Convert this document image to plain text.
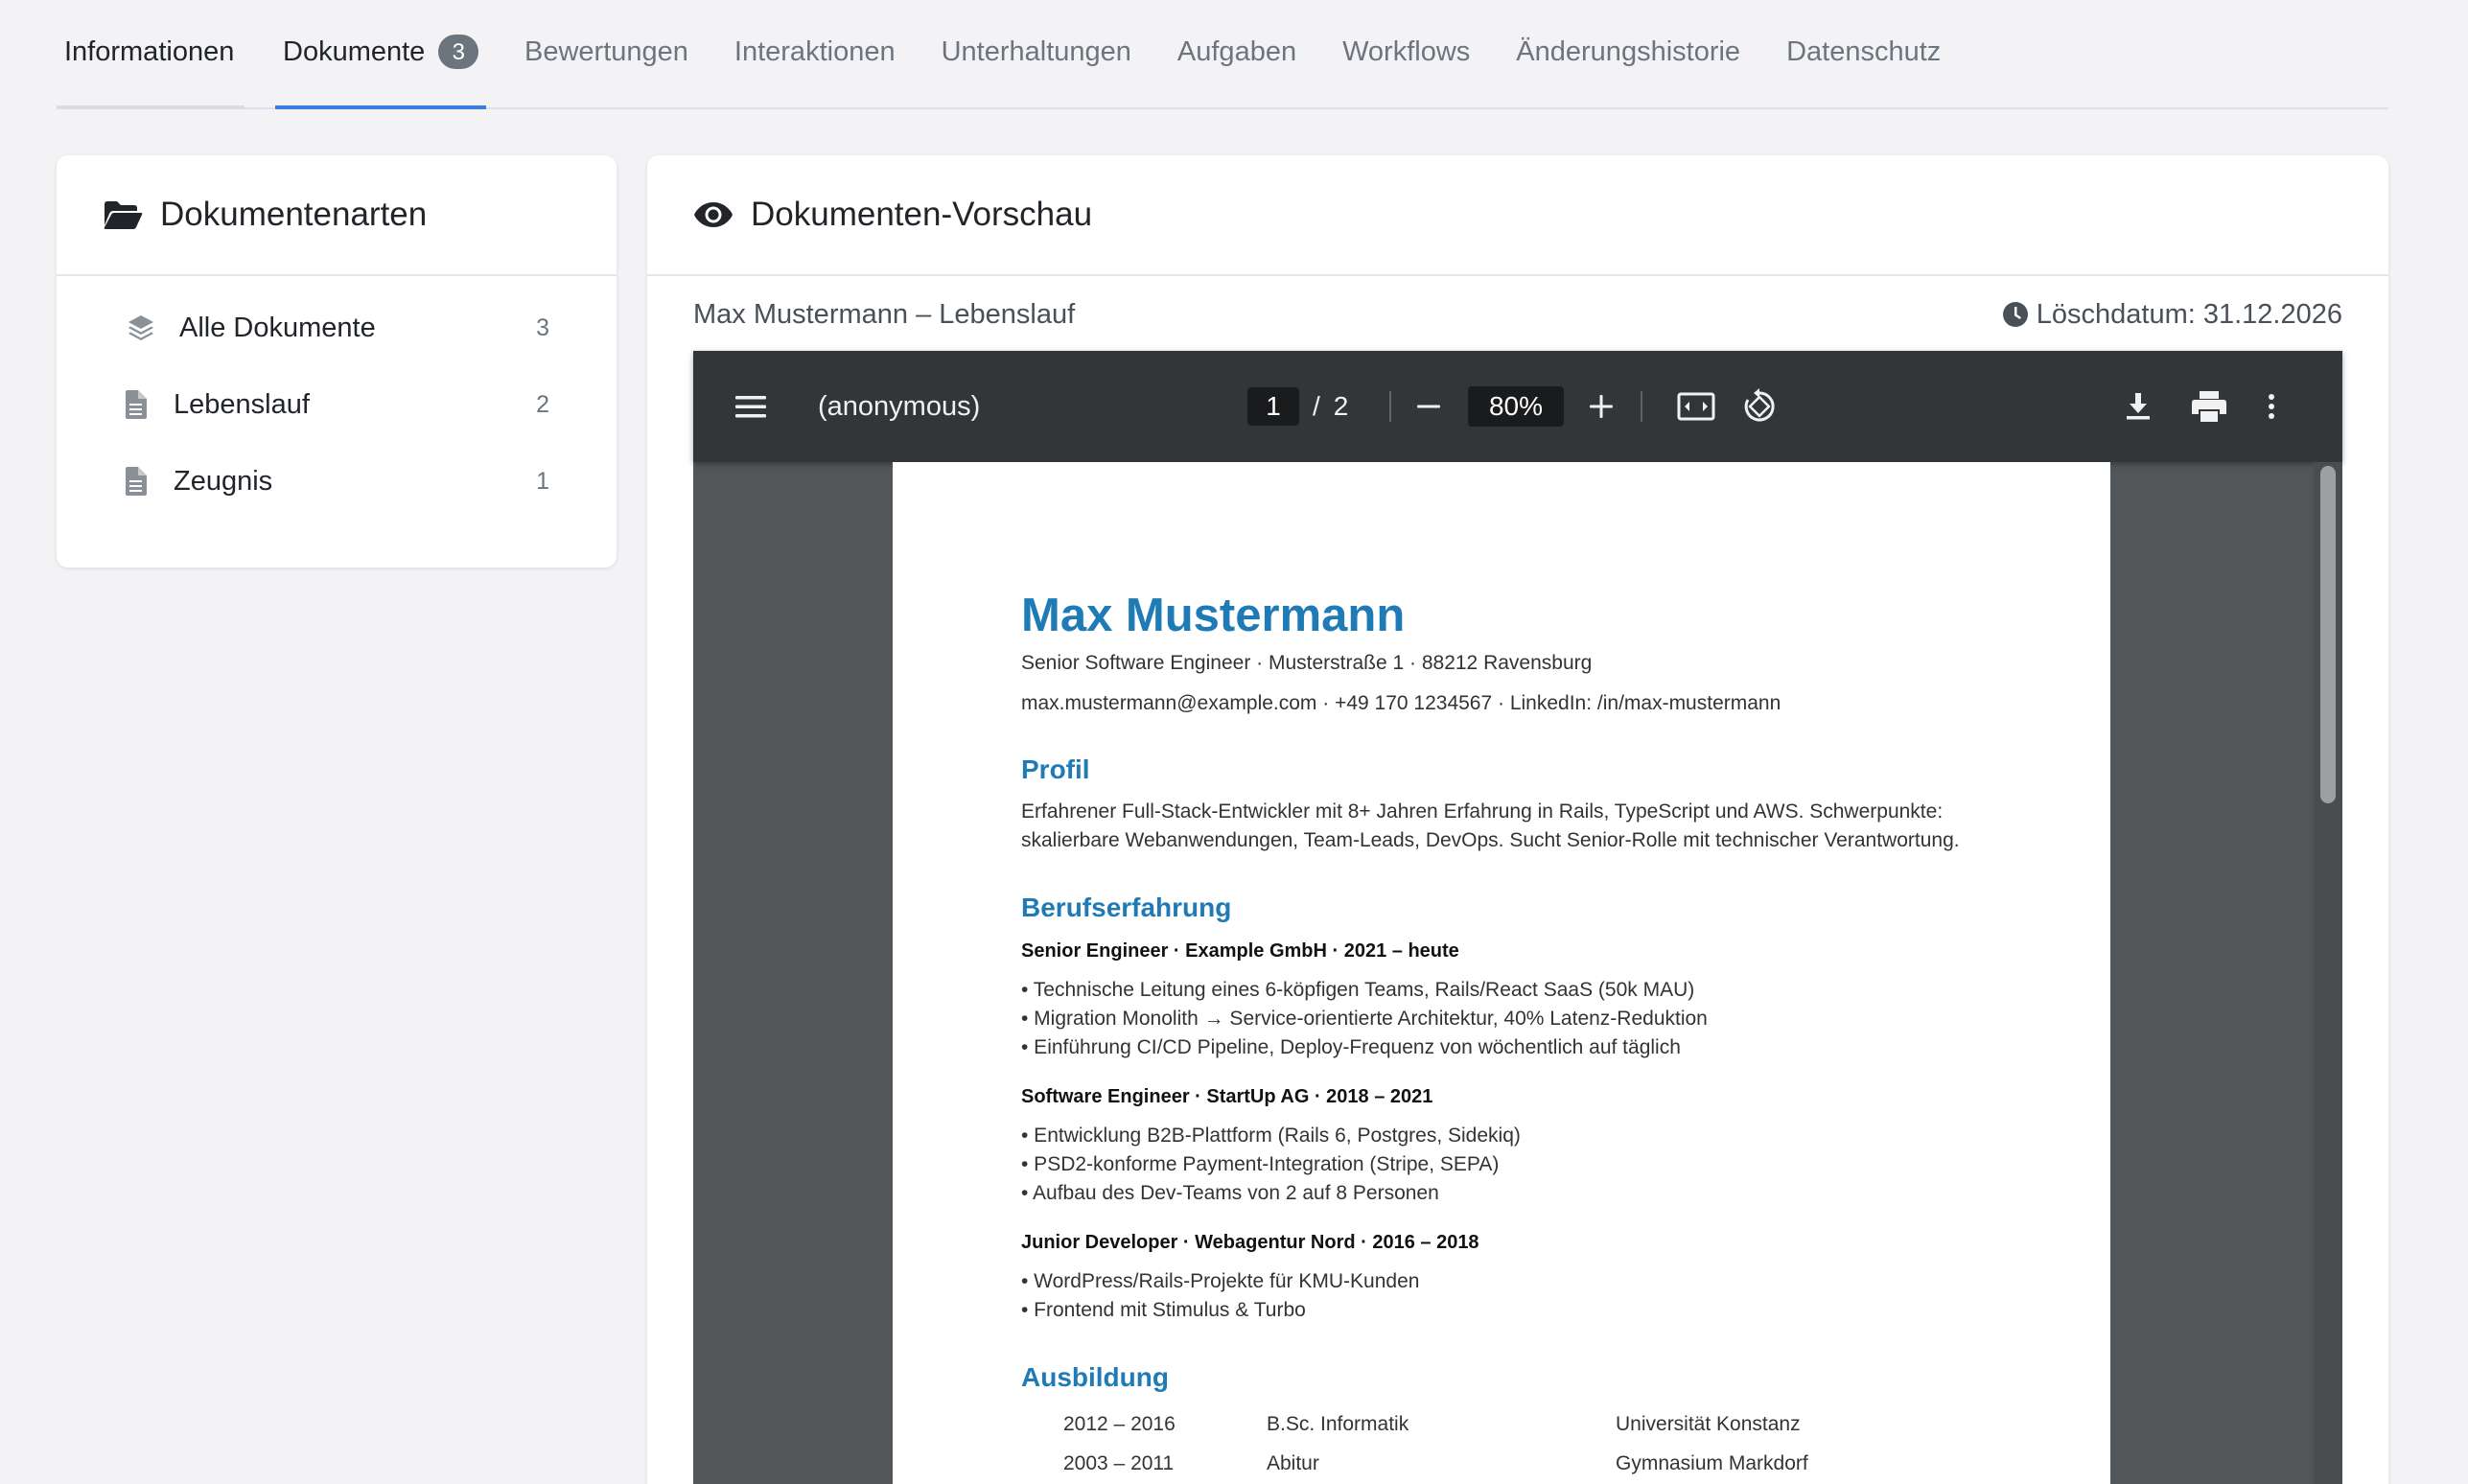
Informationen Dokumente	3	Bewertungen Interaktionen Unterhaltungen Aufgaben Workflows Änderungshistorie Datenschutz
Dokumentenarten
Alle Dokumente	3
Lebenslauf	2
Zeugnis	1
Dokumenten-Vorschau
Max Mustermann – Lebenslauf	Löschdatum: 31.12.2026
(anonymous)	1	/ 2	80%
Max Mustermann
Senior Software Engineer · Musterstraße 1 · 88212 Ravensburg
max.mustermann@example.com · +49 170 1234567 · LinkedIn: /in/max-mustermann
Profil
Erfahrener Full-Stack-Entwickler mit 8+ Jahren Erfahrung in Rails, TypeScript und AWS. Schwerpunkte: skalierbare Webanwendungen, Team-Leads, DevOps. Sucht Senior-Rolle mit technischer Verantwortung.
Berufserfahrung
Senior Engineer · Example GmbH · 2021 – heute
• Technische Leitung eines 6-köpfigen Teams, Rails/React SaaS (50k MAU)
• Migration Monolith → Service-orientierte Architektur, 40% Latenz-Reduktion
• Einführung CI/CD Pipeline, Deploy-Frequenz von wöchentlich auf täglich
Software Engineer · StartUp AG · 2018 – 2021
• Entwicklung B2B-Plattform (Rails 6, Postgres, Sidekiq)
• PSD2-konforme Payment-Integration (Stripe, SEPA)
• Aufbau des Dev-Teams von 2 auf 8 Personen
Junior Developer · Webagentur Nord · 2016 – 2018
• WordPress/Rails-Projekte für KMU-Kunden
• Frontend mit Stimulus & Turbo
Ausbildung
2012 – 2016	B.Sc. Informatik	Universität Konstanz
2003 – 2011	Abitur	Gymnasium Markdorf
